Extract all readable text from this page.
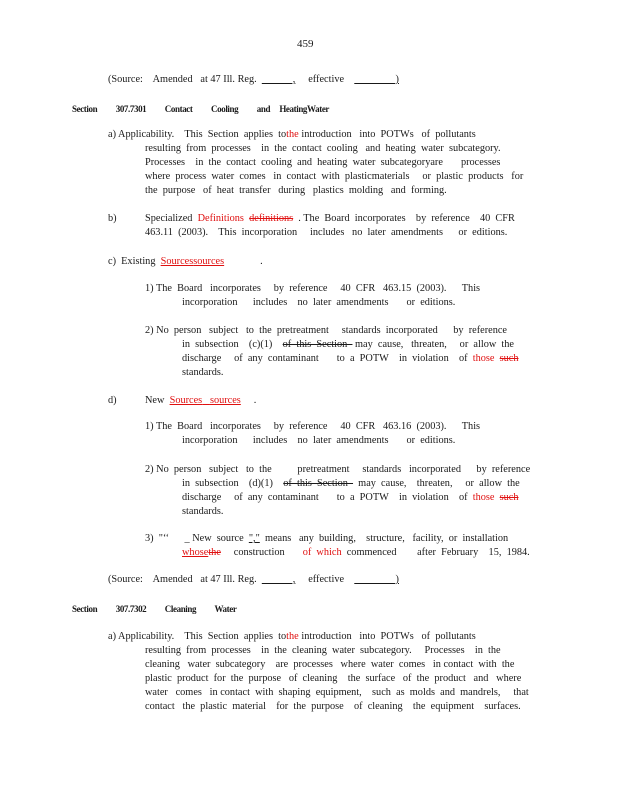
459
(Source: Amended at 47 Ill. Reg. ______, effective ________)
Section 307.7301 Contact Cooling and HeatingWater
a) Applicability.    This  Section  applies  tothe introduction   into  POTWs   of  pollutants
resulting  from  processes    in  the  contact  cooling   and  heating  water  subcategory.
Processes    in  the  contact  cooling  and  heating  water  subcategoryare       processes
where  process  water  comes   in  contact  with  plasticmaterials     or  plastic  products   for
the  purpose   of  heat  transfer   during   plastics  molding   and  forming.
b)	Specialized  Definitions definitions  . The  Board  incorporates    by  reference    40  CFR
463.11  (2003).    This  incorporation     includes   no  later  amendments      or  editions.
c)  Existing  Sourcessources              .
1) The  Board   incorporates     by  reference     40  CFR   463.15  (2003).      This
incorporation      includes    no  later  amendments       or  editions.
2) No  person   subject   to  the  pretreatment     standards  incorporated      by  reference
in  subsection    (c)(1)    of  this  Section   may  cause,   threaten,     or  allow  the
discharge     of  any  contaminant       to  a  POTW    in  violation    of  those such
standards.
d)	New  Sources sources     .
1) The  Board   incorporates     by  reference     40  CFR   463.16  (2003).      This
incorporation      includes    no  later  amendments       or  editions.
2) No  person   subject   to  the          pretreatment     standards   incorporated      by  reference
in  subsection    (d)(1)    of  this  Section    may  cause,    threaten,     or  allow  the
discharge     of  any  contaminant       to  a  POTW    in  violation    of  those such
standards.
3)  "‘‘      _ New  source  ","  means   any  building,    structure,   facility,  or  installation
whosethe     construction       of  which  commenced        after  February    15,  1984.
(Source: Amended at 47 Ill. Reg. ______, effective ________)
Section 307.7302 Cleaning Water
a) Applicability.    This  Section  applies  tothe introduction   into  POTWs   of  pollutants
resulting  from  processes    in  the  cleaning  water  subcategory.     Processes    in  the
cleaning   water  subcategory    are  processes   where  water  comes   in contact  with  the
plastic  product  for  the  purpose   of  cleaning    the  surface   of  the  product   and   where
water   comes   in contact  with  shaping  equipment,    such  as  molds  and  mandrels,     that
contact   the  plastic  material    for  the  purpose    of  cleaning    the  equipment    surfaces.
